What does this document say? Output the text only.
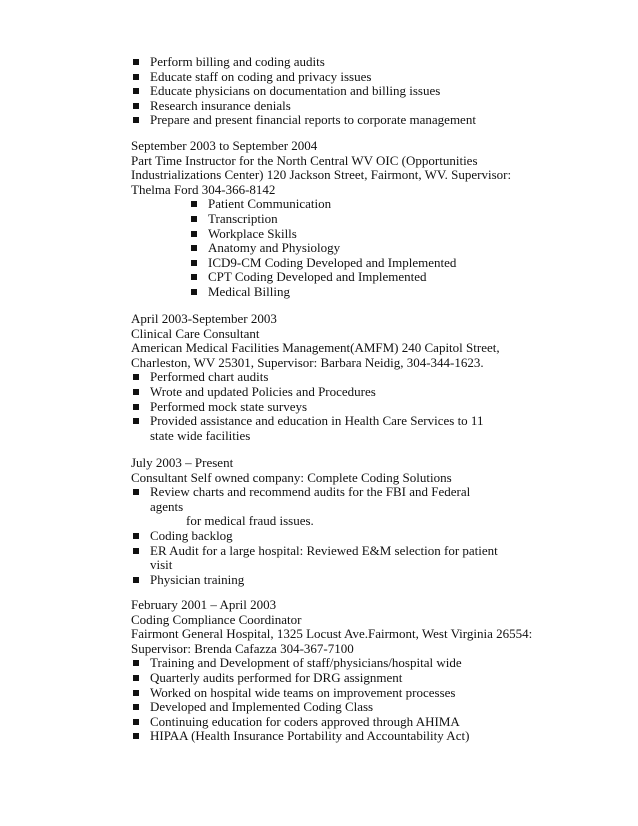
Perform billing and coding audits
Educate staff on coding and privacy issues
Educate physicians on documentation and billing issues
Research insurance denials
Prepare and present financial reports to corporate management
September 2003 to September 2004
Part Time Instructor for the North Central WV OIC (Opportunities
Industrializations Center) 120 Jackson Street, Fairmont, WV. Supervisor:
Thelma Ford 304-366-8142
Patient Communication
Transcription
Workplace Skills
Anatomy and Physiology
ICD9-CM Coding Developed and Implemented
CPT Coding Developed and Implemented
Medical Billing
April 2003-September 2003
Clinical Care Consultant
American Medical Facilities Management(AMFM) 240 Capitol Street,
Charleston, WV 25301, Supervisor: Barbara Neidig, 304-344-1623.
Performed chart audits
Wrote and updated Policies and Procedures
Performed mock state surveys
Provided assistance and education in Health Care Services to 11
state wide facilities
July 2003 – Present
Consultant Self owned company: Complete Coding Solutions
Review charts and recommend audits for the FBI and Federal
agents
for medical fraud issues.
Coding backlog
ER Audit for a large hospital: Reviewed E&M selection for patient
visit
Physician training
February 2001 – April 2003
Coding Compliance Coordinator
Fairmont General Hospital, 1325 Locust Ave.Fairmont, West Virginia 26554:
Supervisor: Brenda Cafazza 304-367-7100
Training and Development of staff/physicians/hospital wide
Quarterly audits performed for DRG assignment
Worked on hospital wide teams on improvement processes
Developed and Implemented Coding Class
Continuing education for coders approved through AHIMA
HIPAA (Health Insurance Portability and Accountability Act)
